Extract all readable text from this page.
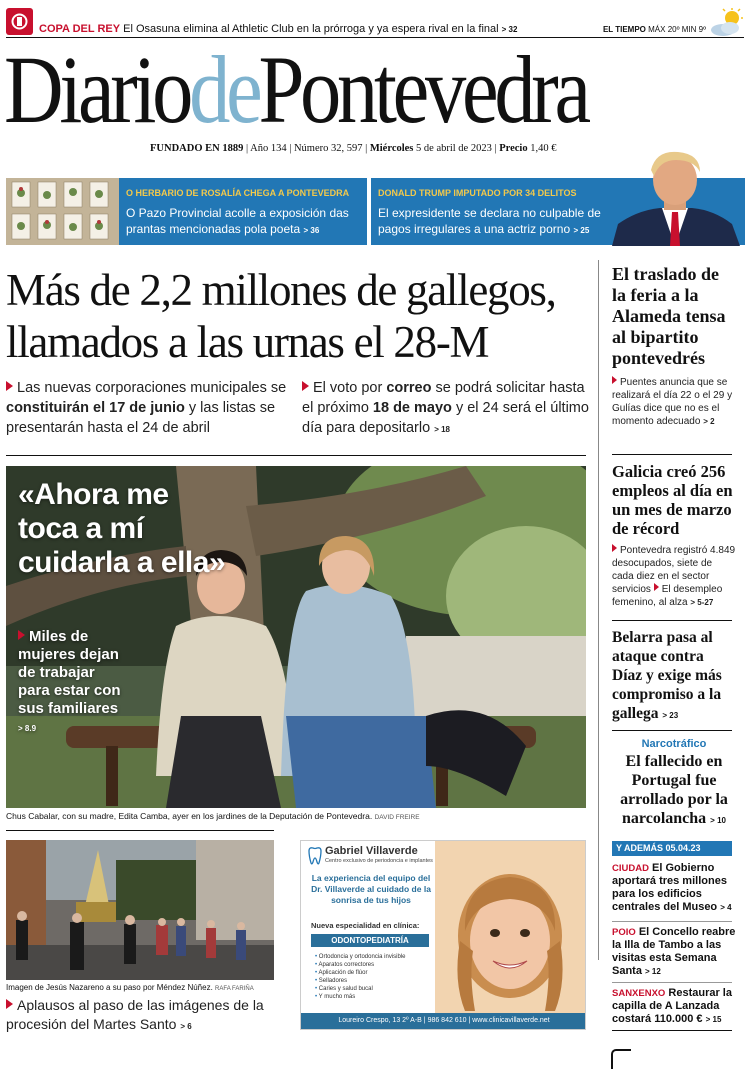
COPA DEL REY El Osasuna elimina al Athletic Club en la prórroga y ya espera rival en la final > 32	EL TIEMPO MÁX 20º MIN 9º
DiariodePontevedra
FUNDADO EN 1889 | Año 134 | Número 32, 597 | Miércoles 5 de abril de 2023 | Precio 1,40 €
O HERBARIO DE ROSALÍA CHEGA A PONTEVEDRA
O Pazo Provincial acolle a exposición das prantas mencionadas pola poeta > 36
DONALD TRUMP IMPUTADO POR 34 DELITOS
El expresidente se declara no culpable de pagos irregulares a una actriz porno > 25
Más de 2,2 millones de gallegos, llamados a las urnas el 28-M
Las nuevas corporaciones municipales se constituirán el 17 de junio y las listas se presentarán hasta el 24 de abril
El voto por correo se podrá solicitar hasta el próximo 18 de mayo y el 24 será el último día para depositarlo > 18
«Ahora me toca a mí cuidarla a ella»
Miles de mujeres dejan de trabajar para estar con sus familiares > 8.9
Chus Cabalar, con su madre, Edita Camba, ayer en los jardines de la Deputación de Pontevedra. DAVID FREIRE
El traslado de la feria a la Alameda tensa al bipartito pontevedrés
Puentes anuncia que se realizará el día 22 o el 29 y Gulías dice que no es el momento adecuado > 2
Galicia creó 256 empleos al día en un mes de marzo de récord
Pontevedra registró 4.849 desocupados, siete de cada diez en el sector servicios El desempleo femenino, al alza > 5-27
Belarra pasa al ataque contra Díaz y exige más compromiso a la gallega > 23
Narcotráfico
El fallecido en Portugal fue arrollado por la narcolancha > 10
Y ADEMÁS 05.04.23
CIUDAD El Gobierno aportará tres millones para los edificios centrales del Museo > 4
POIO El Concello reabre la Illa de Tambo a las visitas esta Semana Santa > 12
SANXENXO Restaurar la capilla de A Lanzada costará 110.000 € > 15
Imagen de Jesús Nazareno a su paso por Méndez Núñez. RAFA FARIÑA
Aplausos al paso de las imágenes de la procesión del Martes Santo > 6
Gabriel Villaverde
Centro exclusivo de periodoncia e implantes
La experiencia del equipo del Dr. Villaverde al cuidado de la sonrisa de tus hijos
Nueva especialidad en clínica:
ODONTOPEDIATRÍA
• Ortodoncia y ortodoncia invisible
• Aparatos correctores
• Aplicación de flúor
• Selladores
• Caries y salud bucal
• Y mucho más
Loureiro Crespo, 13 2º A-B | 986 842 610 | www.clinicavillaverde.net
